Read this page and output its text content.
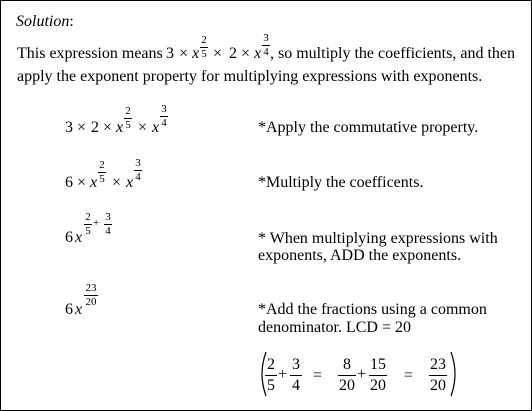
Solution:
This expression means 3 × x
2
5 × 2 × x
3
4 , so multiply the coefficients, and then
apply the exponent property for multiplying expressions with exponents.
3 × 2 × x
2
5 × x
3
4	*Apply the commutative property.
6 × x
2
5 × x
3
4	*Multiply the coefficents.
6 x
2
5
+ 3
4	* When multiplying expressions with
exponents, ADD the exponents.
6 x
23
20	*Add the fractions using a common
denominator. LCD = 20
2
5
+
3
4
=
8
20
+
15
20
=
23
20
